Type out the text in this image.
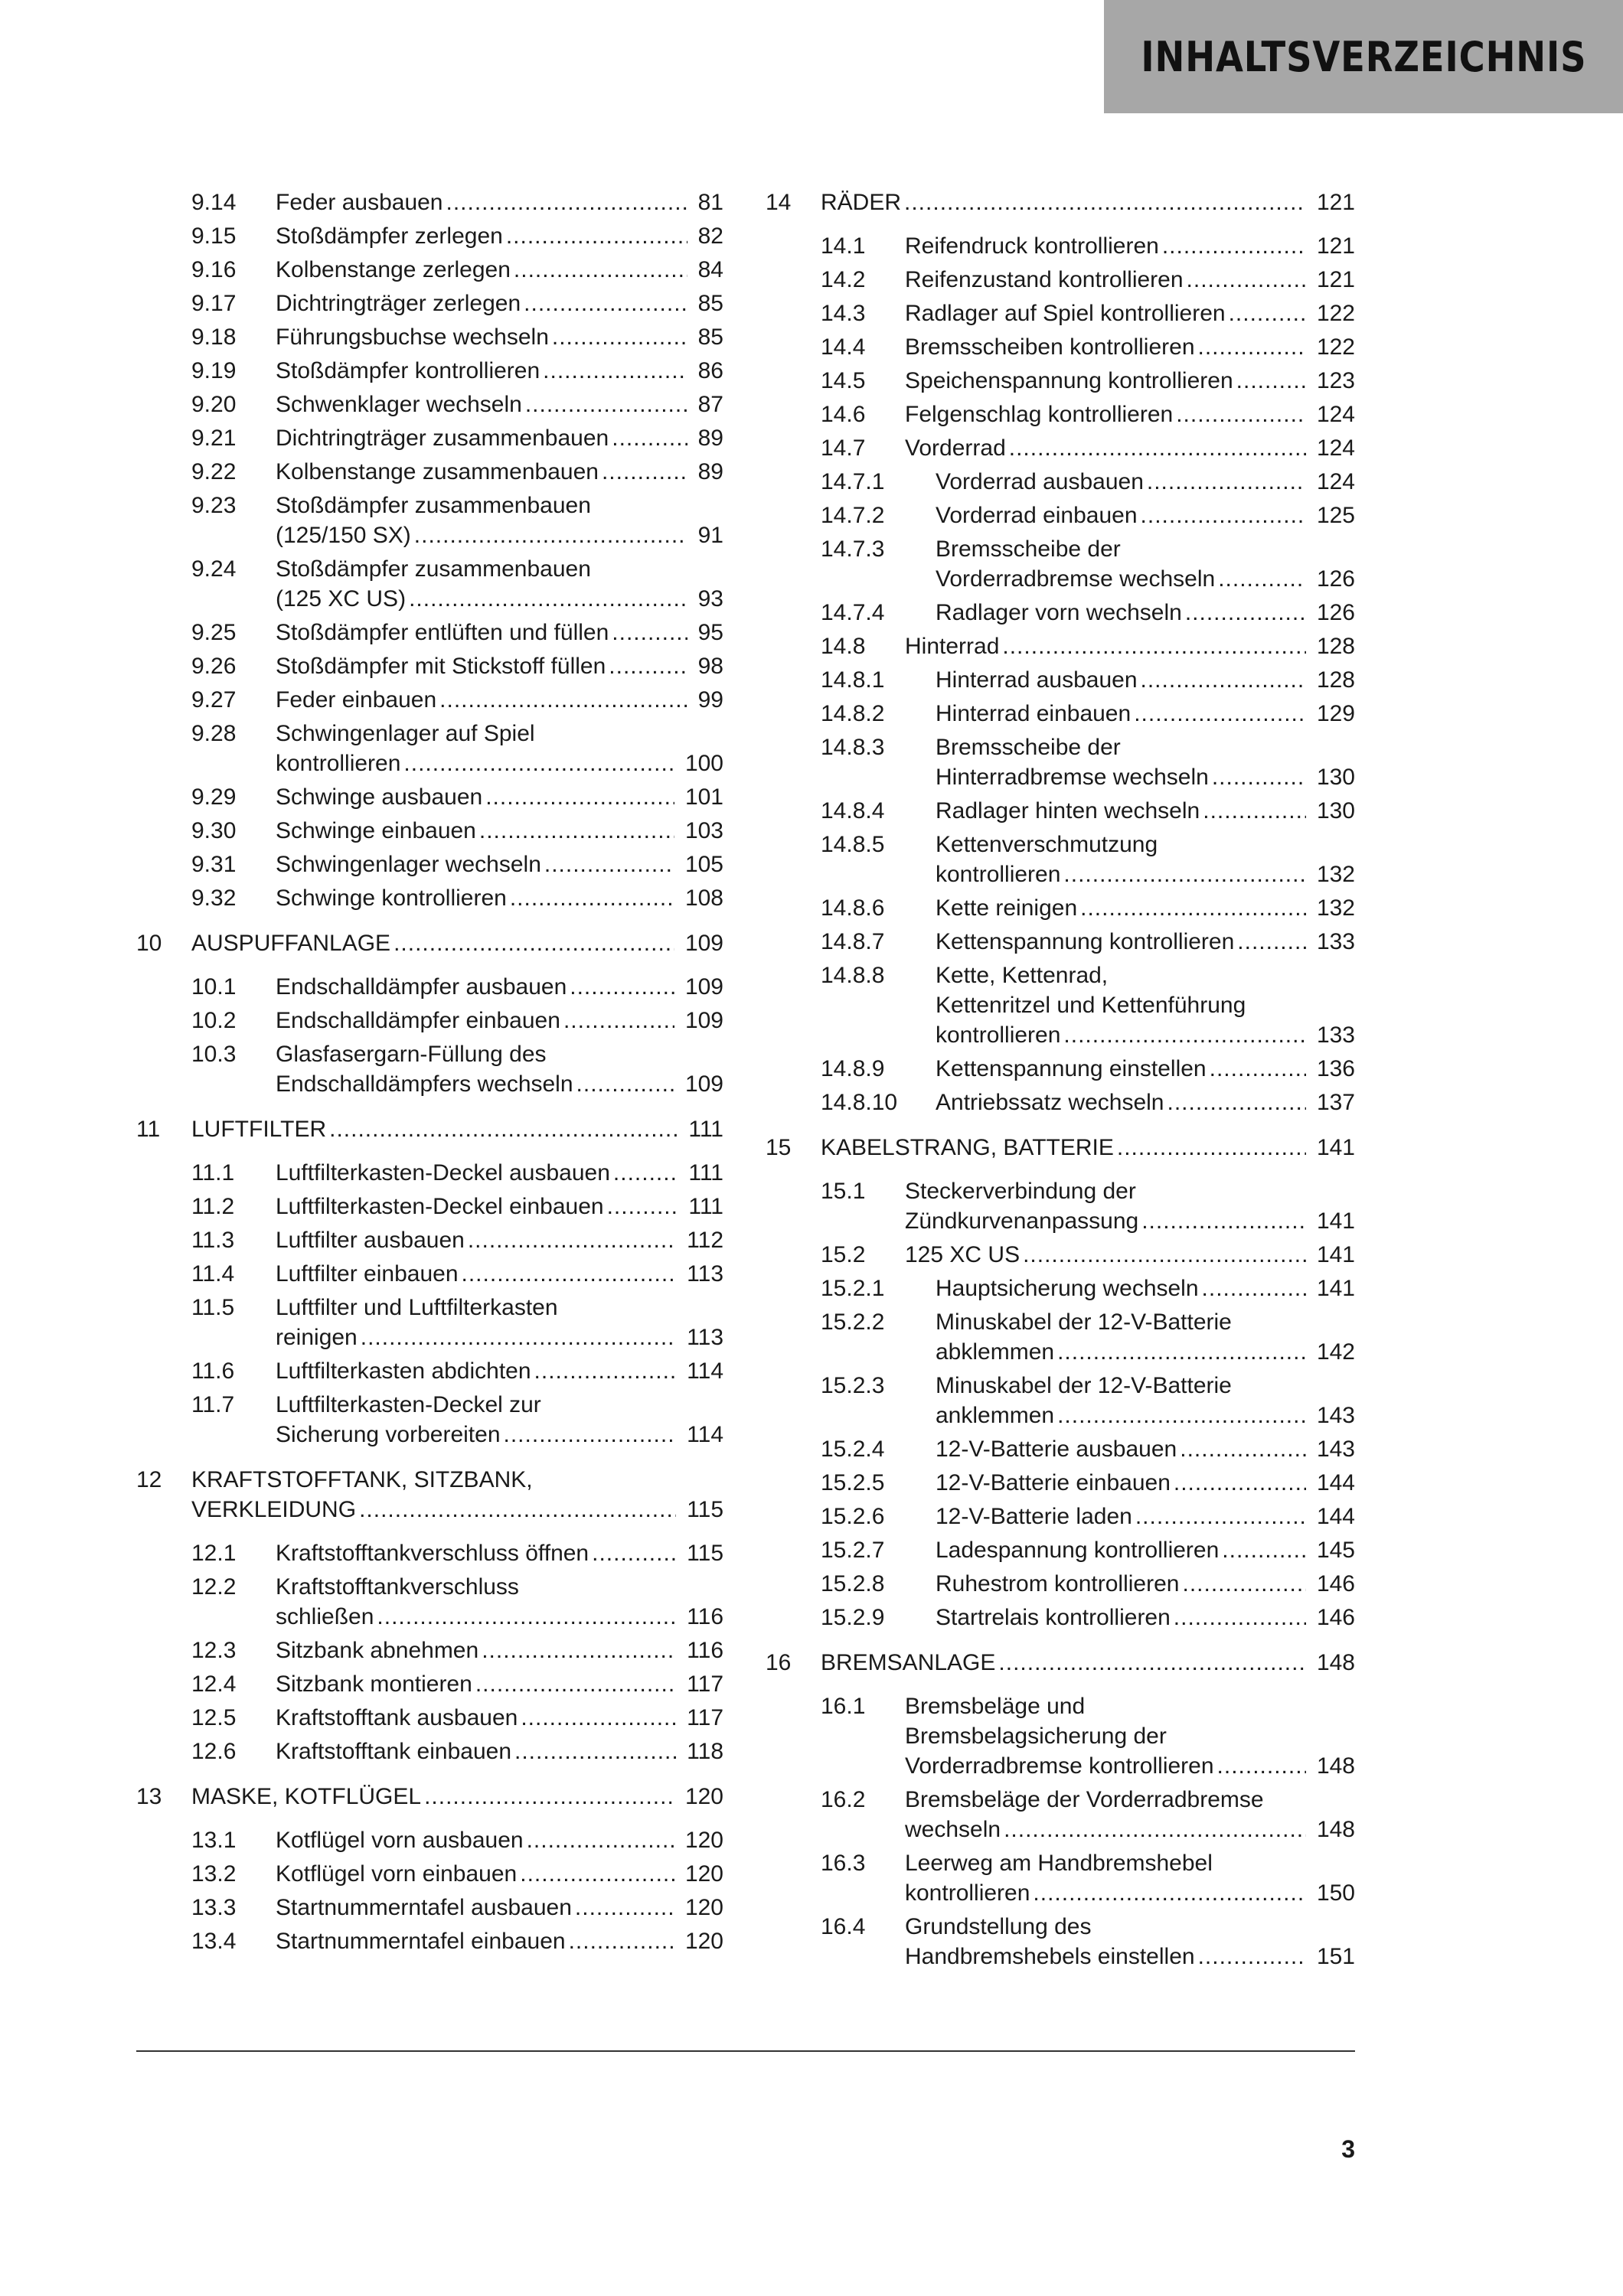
INHALTSVERZEICHNIS
9.14 Feder ausbauen .....	81
9.15 Stoßdämpfer zerlegen .....	82
9.16 Kolbenstange zerlegen .....	84
9.17 Dichtringträger zerlegen .....	85
9.18 Führungsbuchse wechseln .....	85
9.19 Stoßdämpfer kontrollieren .....	86
9.20 Schwenklager wechseln .....	87
9.21 Dichtringträger zusammenbauen .....	89
9.22 Kolbenstange zusammenbauen .....	89
9.23 Stoßdämpfer zusammenbauen
(125/150 SX) .....	91
9.24 Stoßdämpfer zusammenbauen
(125 XC US) .....	93
9.25 Stoßdämpfer entlüften und füllen .....	95
9.26 Stoßdämpfer mit Stickstoff füllen .....	98
9.27 Feder einbauen .....	99
9.28 Schwingenlager auf Spiel
kontrollieren .....	100
9.29 Schwinge ausbauen .....	101
9.30 Schwinge einbauen .....	103
9.31 Schwingenlager wechseln .....	105
9.32 Schwinge kontrollieren .....	108
10 AUSPUFFANLAGE .....	109
10.1 Endschalldämpfer ausbauen .....	109
10.2 Endschalldämpfer einbauen .....	109
10.3 Glasfasergarn-Füllung des
Endschalldämpfers wechseln .....	109
11 LUFTFILTER .....	111
11.1 Luftfilterkasten-Deckel ausbauen .....	111
11.2 Luftfilterkasten-Deckel einbauen .....	111
11.3 Luftfilter ausbauen .....	112
11.4 Luftfilter einbauen .....	113
11.5 Luftfilter und Luftfilterkasten
reinigen .....	113
11.6 Luftfilterkasten abdichten .....	114
11.7 Luftfilterkasten-Deckel zur
Sicherung vorbereiten .....	114
12 KRAFTSTOFFTANK, SITZBANK,
VERKLEIDUNG .....	115
12.1 Kraftstofftankverschluss öffnen .....	115
12.2 Kraftstofftankverschluss
schließen .....	116
12.3 Sitzbank abnehmen .....	116
12.4 Sitzbank montieren .....	117
12.5 Kraftstofftank ausbauen .....	117
12.6 Kraftstofftank einbauen .....	118
13 MASKE, KOTFLÜGEL .....	120
13.1 Kotflügel vorn ausbauen .....	120
13.2 Kotflügel vorn einbauen .....	120
13.3 Startnummerntafel ausbauen .....	120
13.4 Startnummerntafel einbauen .....	120
14 RÄDER .....	121
14.1 Reifendruck kontrollieren .....	121
14.2 Reifenzustand kontrollieren .....	121
14.3 Radlager auf Spiel kontrollieren .....	122
14.4 Bremsscheiben kontrollieren .....	122
14.5 Speichenspannung kontrollieren .....	123
14.6 Felgenschlag kontrollieren .....	124
14.7 Vorderrad .....	124
14.7.1 Vorderrad ausbauen .....	124
14.7.2 Vorderrad einbauen .....	125
14.7.3 Bremsscheibe der
Vorderradbremse wechseln .....	126
14.7.4 Radlager vorn wechseln .....	126
14.8 Hinterrad .....	128
14.8.1 Hinterrad ausbauen .....	128
14.8.2 Hinterrad einbauen .....	129
14.8.3 Bremsscheibe der
Hinterradbremse wechseln .....	130
14.8.4 Radlager hinten wechseln .....	130
14.8.5 Kettenverschmutzung
kontrollieren .....	132
14.8.6 Kette reinigen .....	132
14.8.7 Kettenspannung kontrollieren .....	133
14.8.8 Kette, Kettenrad,
Kettenritzel und Kettenführung
kontrollieren .....	133
14.8.9 Kettenspannung einstellen .....	136
14.8.10 Antriebssatz wechseln .....	137
15 KABELSTRANG, BATTERIE .....	141
15.1 Steckerverbindung der
Zündkurvenanpassung .....	141
15.2 125 XC US .....	141
15.2.1 Hauptsicherung wechseln .....	141
15.2.2 Minuskabel der 12-V-Batterie
abklemmen .....	142
15.2.3 Minuskabel der 12-V-Batterie
anklemmen .....	143
15.2.4 12-V-Batterie ausbauen .....	143
15.2.5 12-V-Batterie einbauen .....	144
15.2.6 12-V-Batterie laden .....	144
15.2.7 Ladespannung kontrollieren .....	145
15.2.8 Ruhestrom kontrollieren .....	146
15.2.9 Startrelais kontrollieren .....	146
16 BREMSANLAGE .....	148
16.1 Bremsbeläge und
Bremsbelagsicherung der
Vorderradbremse kontrollieren .....	148
16.2 Bremsbeläge der Vorderradbremse
wechseln .....	148
16.3 Leerweg am Handbremshebel
kontrollieren .....	150
16.4 Grundstellung des
Handbremshebels einstellen .....	151
3
